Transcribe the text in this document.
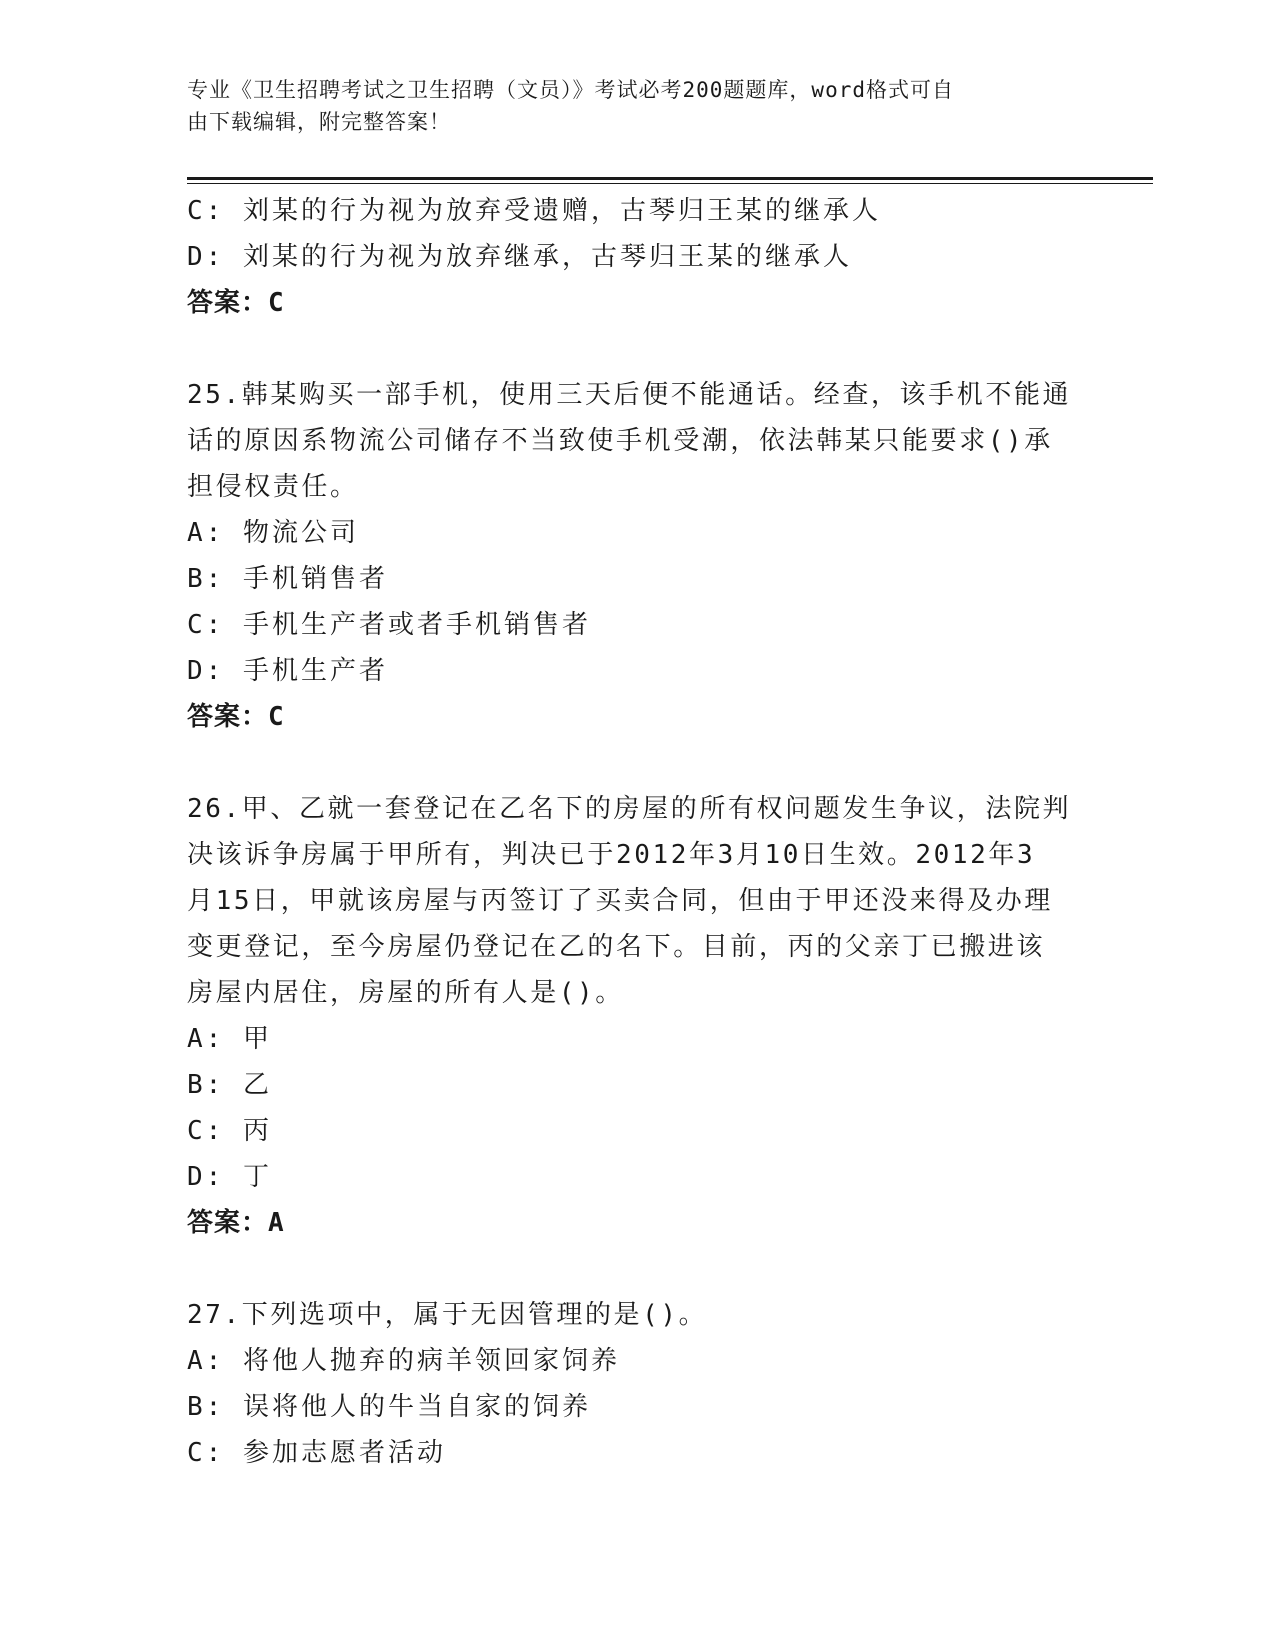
专业《卫生招聘考试之卫生招聘（文员）》考试必考200题题库，word格式可自
由下载编辑，附完整答案！
C: 刘某的行为视为放弃受遗赠，古琴归王某的继承人
D: 刘某的行为视为放弃继承，古琴归王某的继承人
答案：C
25.韩某购买一部手机，使用三天后便不能通话。经查，该手机不能通
话的原因系物流公司储存不当致使手机受潮，依法韩某只能要求()承
担侵权责任。
A: 物流公司
B: 手机销售者
C: 手机生产者或者手机销售者
D: 手机生产者
答案：C
26.甲、乙就一套登记在乙名下的房屋的所有权问题发生争议，法院判
决该诉争房属于甲所有，判决已于2012年3月10日生效。2012年3
月15日，甲就该房屋与丙签订了买卖合同，但由于甲还没来得及办理
变更登记，至今房屋仍登记在乙的名下。目前，丙的父亲丁已搬进该
房屋内居住，房屋的所有人是()。
A: 甲
B: 乙
C: 丙
D: 丁
答案：A
27.下列选项中，属于无因管理的是()。
A: 将他人抛弃的病羊领回家饲养
B: 误将他人的牛当自家的饲养
C: 参加志愿者活动
